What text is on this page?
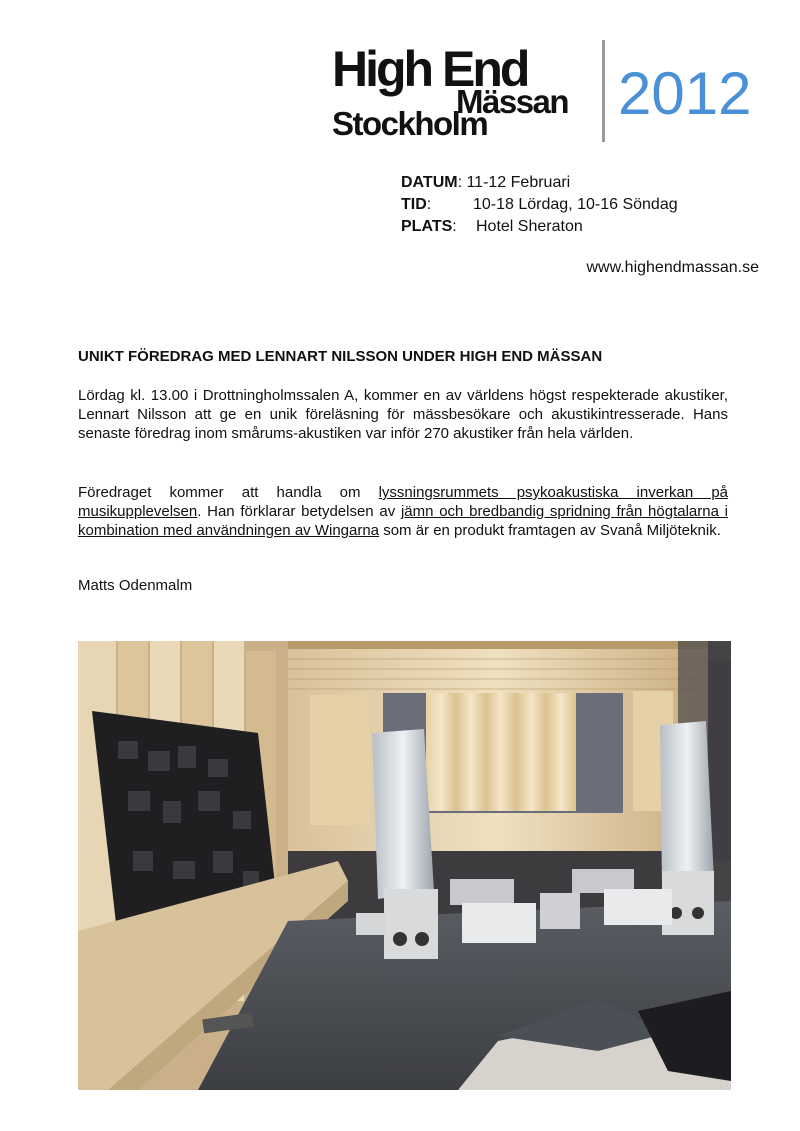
High End
Mässan
Stockholm 2012
DATUM: 11-12 Februari
TID:	10-18 Lördag, 10-16 Söndag
PLATS: Hotel Sheraton
www.highendmassan.se
UNIKT FÖREDRAG MED LENNART NILSSON UNDER HIGH END MÄSSAN

Lördag kl. 13.00 i Drottningholmssalen A, kommer en av världens högst respekterade akustiker, Lennart Nilsson att ge en unik föreläsning för mässbesökare och akustikintresserade. Hans senaste föredrag inom smårums-akustiken var inför 270 akustiker från hela världen.

Föredraget kommer att handla om lyssningsrummets psykoakustiska inverkan på musikupplevelsen. Han förklarar betydelsen av jämn och bredbandig spridning från högtalarna i kombination med användningen av Wingarna som är en produkt framtagen av Svanå Miljöteknik.

Matts Odenmalm
